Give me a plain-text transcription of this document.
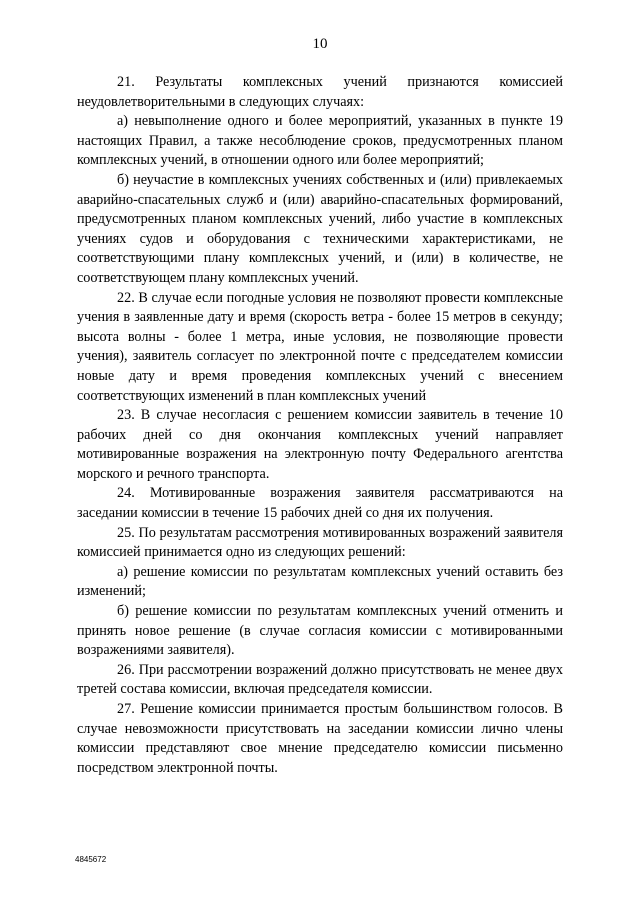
10

21. Результаты комплексных учений признаются комиссией неудовлетворительными в следующих случаях:

а) невыполнение одного и более мероприятий, указанных в пункте 19 настоящих Правил, а также несоблюдение сроков, предусмотренных планом комплексных учений, в отношении одного или более мероприятий;

б) неучастие в комплексных учениях собственных и (или) привлекаемых аварийно-спасательных служб и (или) аварийно-спасательных формирований, предусмотренных планом комплексных учений, либо участие в комплексных учениях судов и оборудования с техническими характеристиками, не соответствующими плану комплексных учений, и (или) в количестве, не соответствующем плану комплексных учений.

22. В случае если погодные условия не позволяют провести комплексные учения в заявленные дату и время (скорость ветра - более 15 метров в секунду; высота волны - более 1 метра, иные условия, не позволяющие провести учения), заявитель согласует по электронной почте с председателем комиссии новые дату и время проведения комплексных учений с внесением соответствующих изменений в план комплексных учений

23. В случае несогласия с решением комиссии заявитель в течение 10 рабочих дней со дня окончания комплексных учений направляет мотивированные возражения на электронную почту Федерального агентства морского и речного транспорта.

24. Мотивированные возражения заявителя рассматриваются на заседании комиссии в течение 15 рабочих дней со дня их получения.

25. По результатам рассмотрения мотивированных возражений заявителя комиссией принимается одно из следующих решений:

а) решение комиссии по результатам комплексных учений оставить без изменений;

б) решение комиссии по результатам комплексных учений отменить и принять новое решение (в случае согласия комиссии с мотивированными возражениями заявителя).

26. При рассмотрении возражений должно присутствовать не менее двух третей состава комиссии, включая председателя комиссии.

27. Решение комиссии принимается простым большинством голосов. В случае невозможности присутствовать на заседании комиссии лично члены комиссии представляют свое мнение председателю комиссии письменно посредством электронной почты.

4845672
